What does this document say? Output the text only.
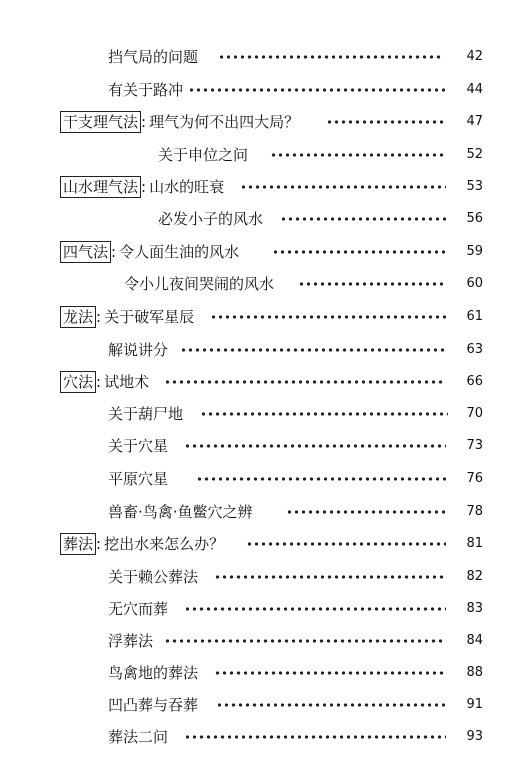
挡气局的问题	42
有关于路冲	44
干支理气法 : 理气为何不出四大局？	47
关于申位之问	52
山水理气法 : 山水的旺衰	53
必发小子的风水	56
四气法 : 令人面生油的风水	59
令小儿夜间哭闹的风水	60
龙法 : 关于破军星辰	61
解说讲分	63
穴法 : 试地术	66
关于葫尸地	70
关于穴星	73
平原穴星	76
兽畜·鸟禽·鱼鳖穴之辨	78
葬法 : 挖出水来怎么办？	81
关于赖公葬法	82
无穴而葬	83
浮葬法	84
鸟禽地的葬法	88
凹凸葬与吞葬	91
葬法二问	93
